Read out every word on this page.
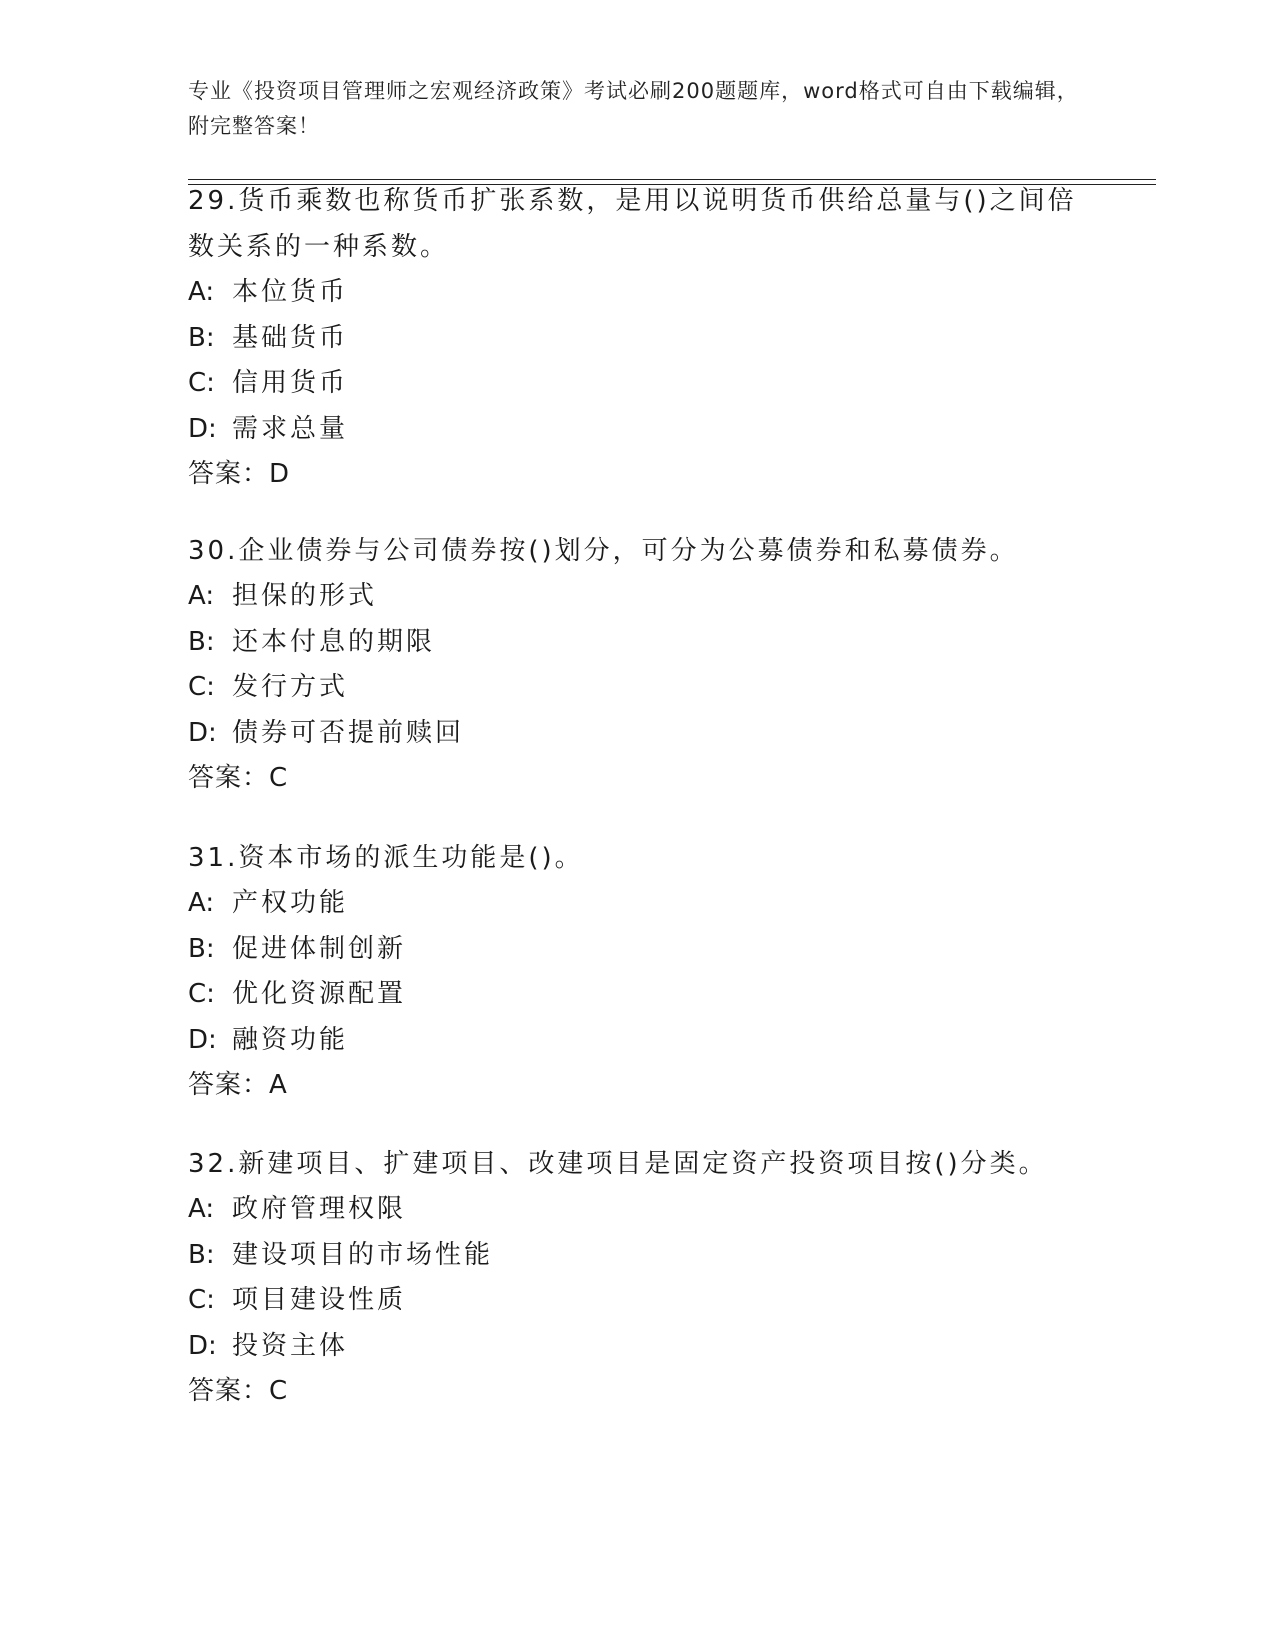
专业《投资项目管理师之宏观经济政策》考试必刷200题题库，word格式可自由下载编辑，附完整答案！
29.货币乘数也称货币扩张系数，是用以说明货币供给总量与()之间倍数关系的一种系数。
A: 本位货币
B: 基础货币
C: 信用货币
D: 需求总量
答案：D
30.企业债券与公司债券按()划分，可分为公募债券和私募债券。
A: 担保的形式
B: 还本付息的期限
C: 发行方式
D: 债券可否提前赎回
答案：C
31.资本市场的派生功能是()。
A: 产权功能
B: 促进体制创新
C: 优化资源配置
D: 融资功能
答案：A
32.新建项目、扩建项目、改建项目是固定资产投资项目按()分类。
A: 政府管理权限
B: 建设项目的市场性能
C: 项目建设性质
D: 投资主体
答案：C
